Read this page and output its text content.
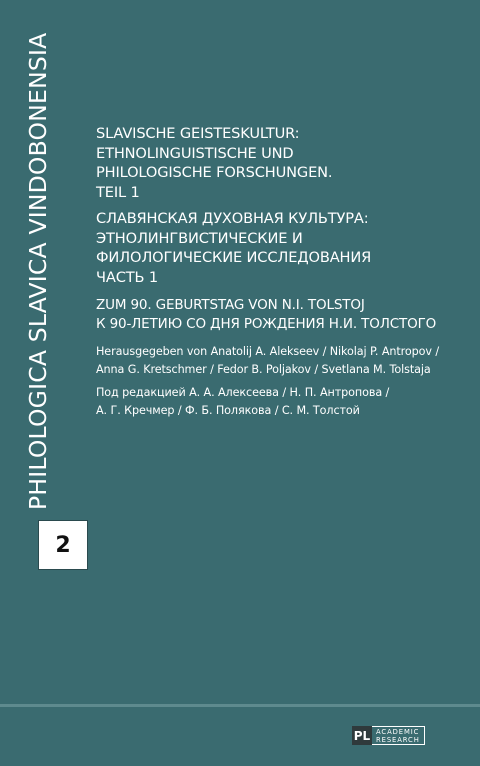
PHILOLOGICA SLAVICA VINDOBONENSIA
2
SLAVISCHE GEISTESKULTUR:
ETHNOLINGUISTISCHE UND
PHILOLOGISCHE FORSCHUNGEN.
TEIL 1
СЛАВЯНСКАЯ ДУХОВНАЯ КУЛЬТУРА:
ЭТНОЛИНГВИСТИЧЕСКИЕ И
ФИЛОЛОГИЧЕСКИЕ ИССЛЕДОВАНИЯ
ЧАСТЬ 1
ZUM 90. GEBURTSTAG VON N.I. TOLSTOJ
К 90-ЛЕТИЮ СО ДНЯ РОЖДЕНИЯ Н.И. ТОЛСТОГО
Herausgegeben von Anatolij A. Alekseev / Nikolaj P. Antropov /
Anna G. Kretschmer / Fedor B. Poljakov / Svetlana M. Tolstaja
Под редакцией А. А. Алексеева / Н. П. Антропова /
А. Г. Кречмер / Ф. Б. Полякова / С. М. Толстой
PL ACADEMIC
RESEARCH
